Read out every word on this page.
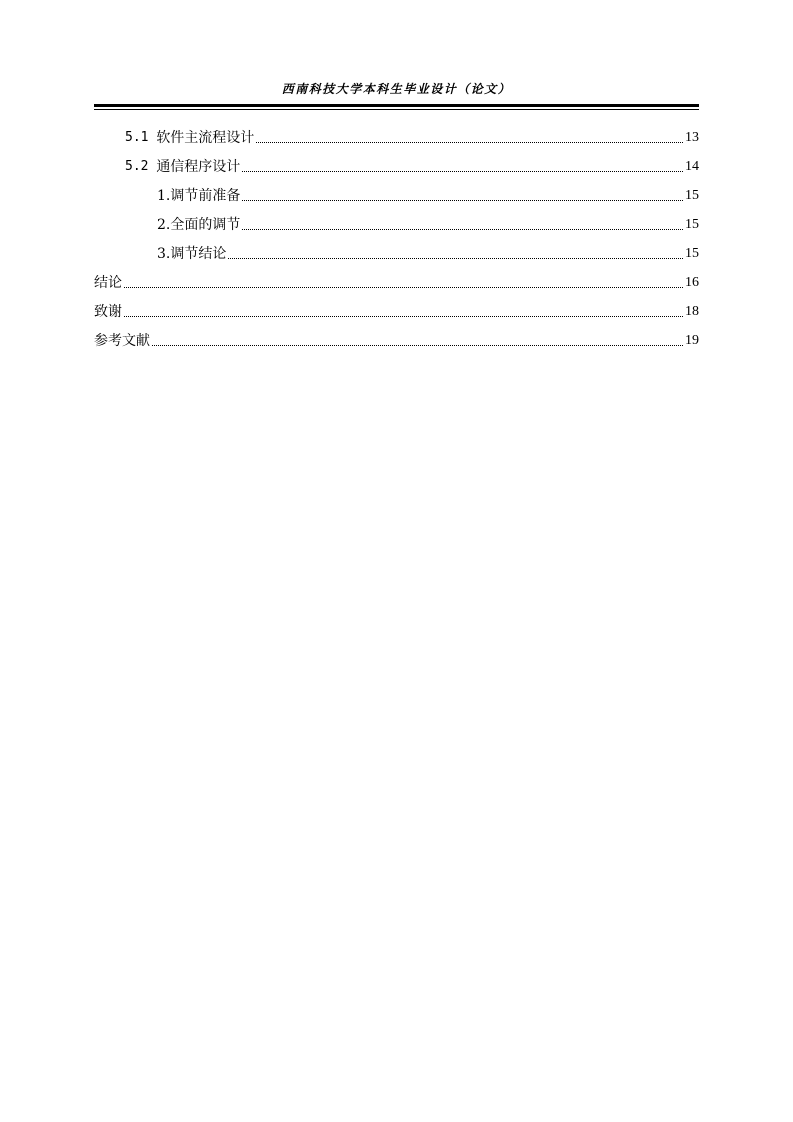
西南科技大学本科生毕业设计（论文）
5.1 软件主流程设计	13
5.2 通信程序设计	14
1.调节前准备	15
2.全面的调节	15
3.调节结论	15
结论	16
致谢	18
参考文献	19
